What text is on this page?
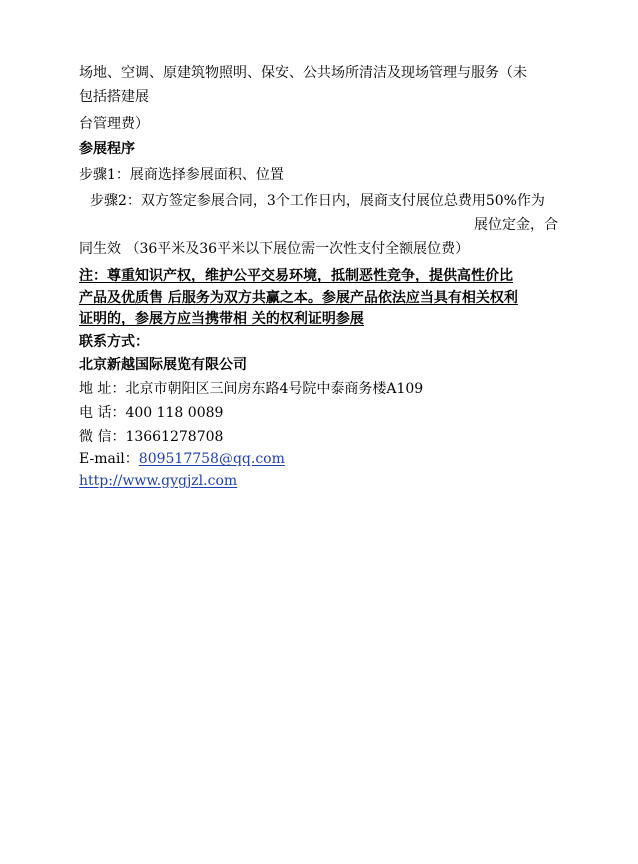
场地、空调、原建筑物照明、保安、公共场所清洁及现场管理与服务（未
包括搭建展
台管理费）
参展程序
步骤1：展商选择参展面积、位置
步骤2：双方签定参展合同，3个工作日内，展商支付展位总费用50%作为
展位定金，合
同生效 （36平米及36平米以下展位需一次性支付全额展位费）
注：尊重知识产权，维护公平交易环境，抵制恶性竞争，提供高性价比
产品及优质售 后服务为双方共赢之本。参展产品依法应当具有相关权利
证明的，参展方应当携带相 关的权利证明参展
联系方式：
北京新越国际展览有限公司
地 址：北京市朝阳区三间房东路4号院中泰商务楼A109
电 话：400 118 0089
微 信：13661278708
E-mail：809517758@qq.com
http://www.gygjzl.com
